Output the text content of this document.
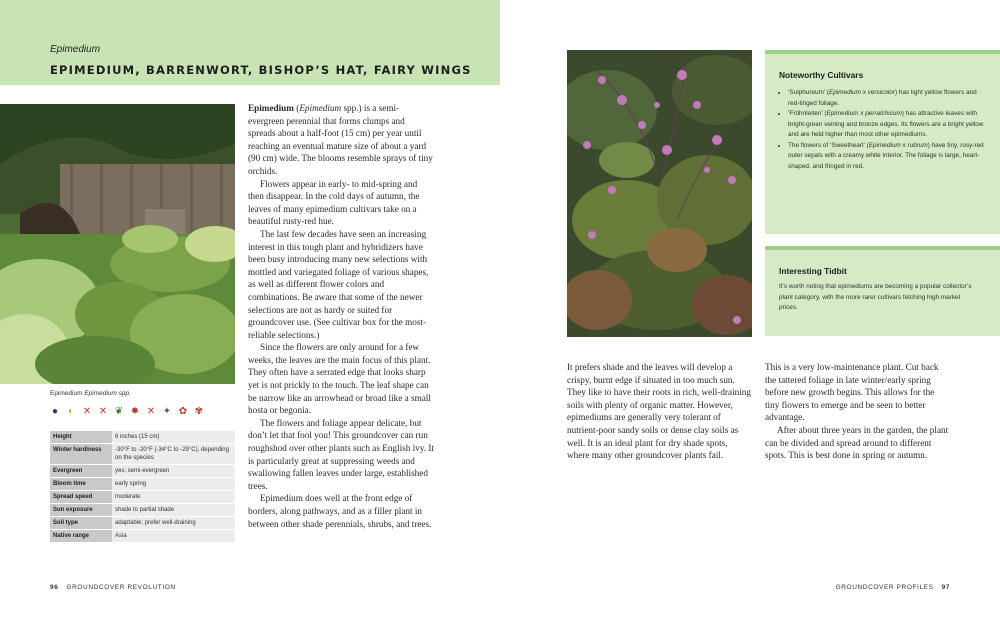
Epimedium
EPIMEDIUM, BARRENWORT, BISHOP’S HAT, FAIRY WINGS
Epimedium Epimedium spp.
● ◐ ✕ ✕ ❦ ✸ ✕ ✦ ✿ ✾
Height	6 inches (15 cm)
Winter hardiness	-30°F to -20°F (-34°C to -29°C), depending on the species
Evergreen	yes; semi-evergreen
Bloom time	early spring
Spread speed	moderate
Sun exposure	shade to partial shade
Soil type	adaptable; prefer well-draining
Native range	Asia

Epimedium (Epimedium spp.) is a semi-evergreen perennial that forms clumps and spreads about a half-foot (15 cm) per year until reaching an eventual mature size of about a yard (90 cm) wide. The blooms resemble sprays of tiny orchids.

Flowers appear in early- to mid-spring and then disappear. In the cold days of autumn, the leaves of many epimedium cultivars take on a beautiful rusty-red hue.

The last few decades have seen an increasing interest in this tough plant and hybridizers have been busy introducing many new selections with mottled and variegated foliage of various shapes, as well as different flower colors and combinations. Be aware that some of the newer selections are not as hardy or suited for groundcover use. (See cultivar box for the most-reliable selections.)

Since the flowers are only around for a few weeks, the leaves are the main focus of this plant. They often have a serrated edge that looks sharp yet is not prickly to the touch. The leaf shape can be narrow like an arrowhead or broad like a small hosta or begonia.

The flowers and foliage appear delicate, but don’t let that fool you! This groundcover can run roughshod over other plants such as English ivy. It is particularly great at suppressing weeds and swallowing fallen leaves under large, established trees.

Epimedium does well at the front edge of borders, along pathways, and as a filler plant in between other shade perennials, shrubs, and trees.

Noteworthy Cultivars
• ‘Sulphureum’ (Epimedium x versicolor) has light yellow flowers and red-tinged foliage.
• ‘Fröhnleiten’ (Epimedium x perralchicum) has attractive leaves with bright-green veining and bronze edges. Its flowers are a bright yellow and are held higher than most other epimediums.
• The flowers of ‘Sweetheart’ (Epimedium x rubrum) have tiny, rosy-red outer sepals with a creamy white interior. The foliage is large, heart-shaped, and fringed in red.
Interesting Tidbit
It’s worth noting that epimediums are becoming a popular collector’s plant category, with the more rarer cultivars fetching high market prices.

It prefers shade and the leaves will develop a crispy, burnt edge if situated in too much sun. They like to have their roots in rich, well-draining soils with plenty of organic matter. However, epimediums are generally very tolerant of nutrient-poor sandy soils or dense clay soils as well. It is an ideal plant for dry shade spots, where many other groundcover plants fail.

This is a very low-maintenance plant. Cut back the tattered foliage in late winter/early spring before new growth begins. This allows for the tiny flowers to emerge and be seen to better advantage.

After about three years in the garden, the plant can be divided and spread around to different spots. This is best done in spring or autumn.

96 GROUNDCOVER REVOLUTION	GROUNDCOVER PROFILES 97
